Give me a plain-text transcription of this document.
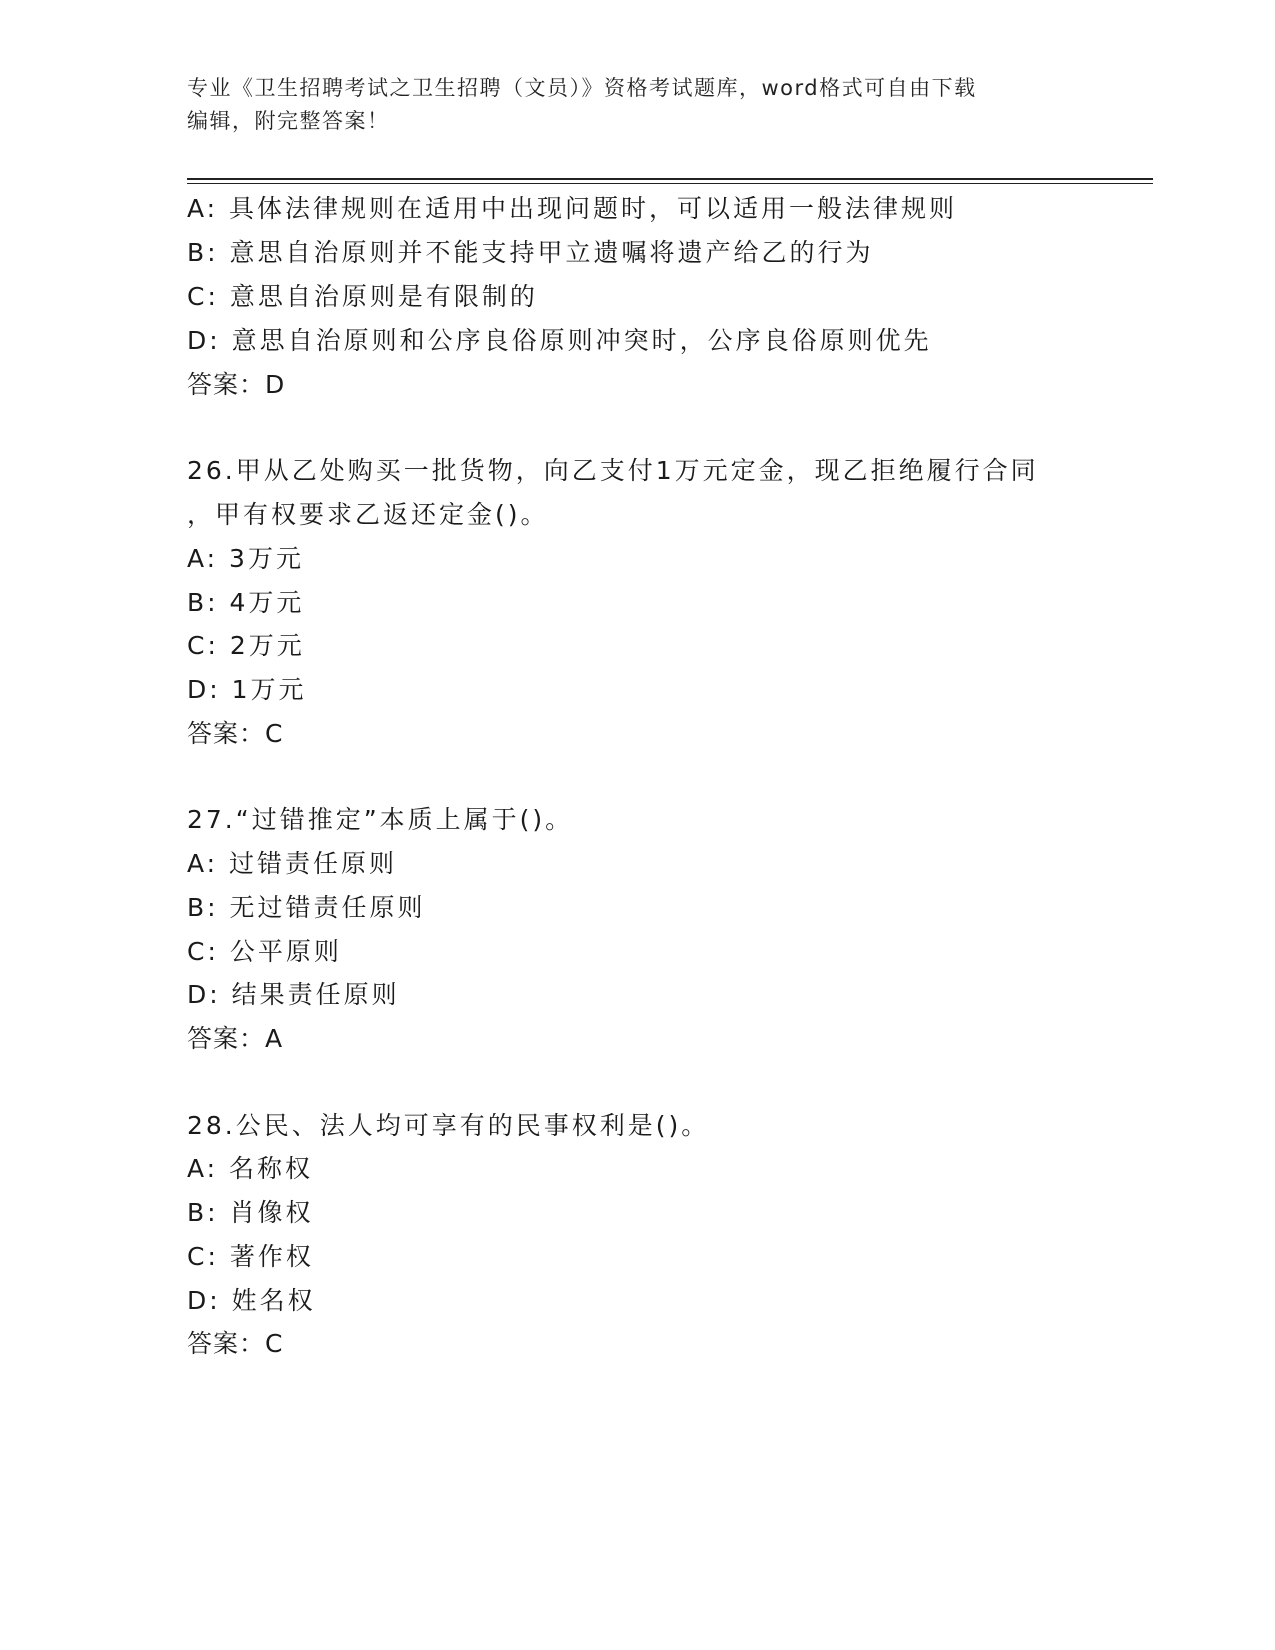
专业《卫生招聘考试之卫生招聘（文员）》资格考试题库，word格式可自由下载
编辑，附完整答案！
A: 具体法律规则在适用中出现问题时，可以适用一般法律规则
B: 意思自治原则并不能支持甲立遗嘱将遗产给乙的行为
C: 意思自治原则是有限制的
D: 意思自治原则和公序良俗原则冲突时，公序良俗原则优先
答案：D
26.甲从乙处购买一批货物，向乙支付1万元定金，现乙拒绝履行合同
，甲有权要求乙返还定金()。
A: 3万元
B: 4万元
C: 2万元
D: 1万元
答案：C
27.“过错推定”本质上属于()。
A: 过错责任原则
B: 无过错责任原则
C: 公平原则
D: 结果责任原则
答案：A
28.公民、法人均可享有的民事权利是()。
A: 名称权
B: 肖像权
C: 著作权
D: 姓名权
答案：C
